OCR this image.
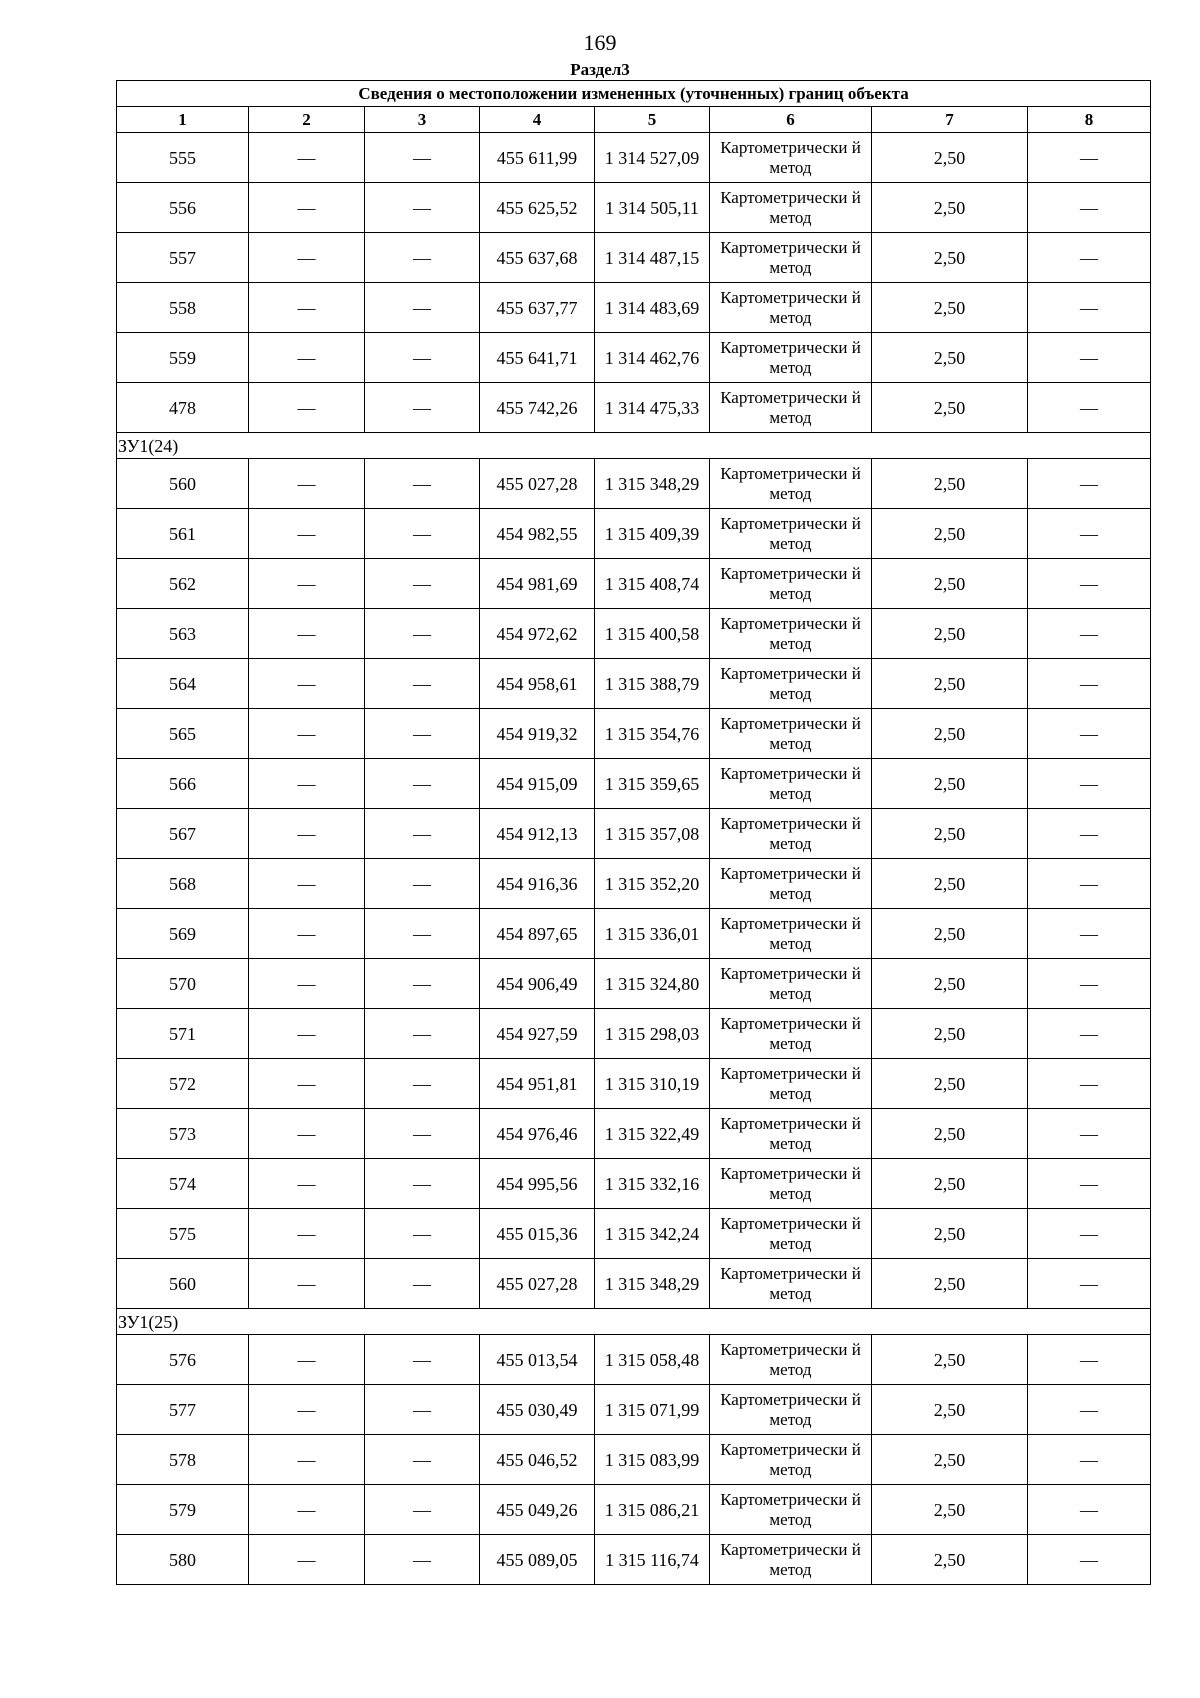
169
Раздел3
Сведения о местоположении измененных (уточненных) границ объекта							
1	2	3	4	5	6	7	8
555	—	—	455 611,99	1 314 527,09	Картометрически й метод	2,50	—
556	—	—	455 625,52	1 314 505,11	Картометрически й метод	2,50	—
557	—	—	455 637,68	1 314 487,15	Картометрически й метод	2,50	—
558	—	—	455 637,77	1 314 483,69	Картометрически й метод	2,50	—
559	—	—	455 641,71	1 314 462,76	Картометрически й метод	2,50	—
478	—	—	455 742,26	1 314 475,33	Картометрически й метод	2,50	—
ЗУ1(24)							
560	—	—	455 027,28	1 315 348,29	Картометрически й метод	2,50	—
561	—	—	454 982,55	1 315 409,39	Картометрически й метод	2,50	—
562	—	—	454 981,69	1 315 408,74	Картометрически й метод	2,50	—
563	—	—	454 972,62	1 315 400,58	Картометрически й метод	2,50	—
564	—	—	454 958,61	1 315 388,79	Картометрически й метод	2,50	—
565	—	—	454 919,32	1 315 354,76	Картометрически й метод	2,50	—
566	—	—	454 915,09	1 315 359,65	Картометрически й метод	2,50	—
567	—	—	454 912,13	1 315 357,08	Картометрически й метод	2,50	—
568	—	—	454 916,36	1 315 352,20	Картометрически й метод	2,50	—
569	—	—	454 897,65	1 315 336,01	Картометрически й метод	2,50	—
570	—	—	454 906,49	1 315 324,80	Картометрически й метод	2,50	—
571	—	—	454 927,59	1 315 298,03	Картометрически й метод	2,50	—
572	—	—	454 951,81	1 315 310,19	Картометрически й метод	2,50	—
573	—	—	454 976,46	1 315 322,49	Картометрически й метод	2,50	—
574	—	—	454 995,56	1 315 332,16	Картометрически й метод	2,50	—
575	—	—	455 015,36	1 315 342,24	Картометрически й метод	2,50	—
560	—	—	455 027,28	1 315 348,29	Картометрически й метод	2,50	—
ЗУ1(25)							
576	—	—	455 013,54	1 315 058,48	Картометрически й метод	2,50	—
577	—	—	455 030,49	1 315 071,99	Картометрически й метод	2,50	—
578	—	—	455 046,52	1 315 083,99	Картометрически й метод	2,50	—
579	—	—	455 049,26	1 315 086,21	Картометрически й метод	2,50	—
580	—	—	455 089,05	1 315 116,74	Картометрически й метод	2,50	—
